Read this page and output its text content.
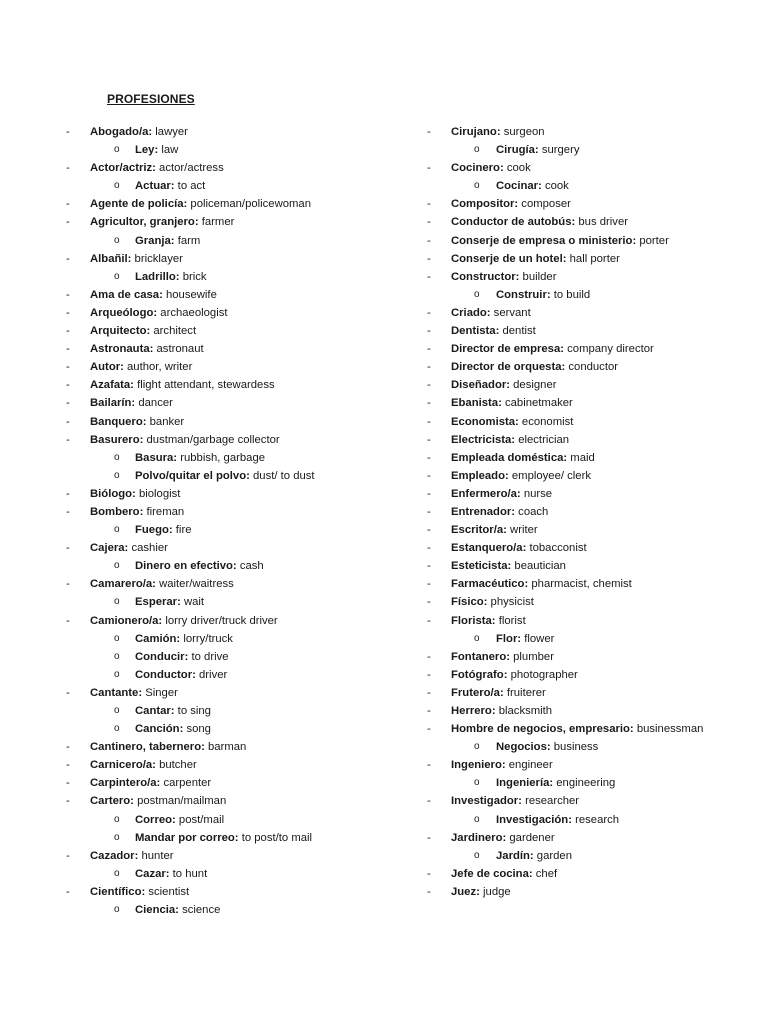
PROFESIONES
- Abogado/a: lawyer
o Ley: law
- Actor/actriz: actor/actress
o Actuar: to act
- Agente de policía: policeman/policewoman
- Agricultor, granjero: farmer
o Granja: farm
- Albañil: bricklayer
o Ladrillo: brick
- Ama de casa: housewife
- Arqueólogo: archaeologist
- Arquitecto: architect
- Astronauta: astronaut
- Autor: author, writer
- Azafata: flight attendant, stewardess
- Bailarín: dancer
- Banquero: banker
- Basurero: dustman/garbage collector
o Basura: rubbish, garbage
o Polvo/quitar el polvo: dust/ to dust
- Biólogo: biologist
- Bombero: fireman
o Fuego: fire
- Cajera: cashier
o Dinero en efectivo: cash
- Camarero/a: waiter/waitress
o Esperar: wait
- Camionero/a: lorry driver/truck driver
o Camión: lorry/truck
o Conducir: to drive
o Conductor: driver
- Cantante: Singer
o Cantar: to sing
o Canción: song
- Cantinero, tabernero: barman
- Carnicero/a: butcher
- Carpintero/a: carpenter
- Cartero: postman/mailman
o Correo: post/mail
o Mandar por correo: to post/to mail
- Cazador: hunter
o Cazar: to hunt
- Científico: scientist
o Ciencia: science
- Cirujano: surgeon
o Cirugía: surgery
- Cocinero: cook
o Cocinar: cook
- Compositor: composer
- Conductor de autobús: bus driver
- Conserje de empresa o ministerio: porter
- Conserje de un hotel: hall porter
- Constructor: builder
o Construir: to build
- Criado: servant
- Dentista: dentist
- Director de empresa: company director
- Director de orquesta: conductor
- Diseñador: designer
- Ebanista: cabinetmaker
- Economista: economist
- Electricista: electrician
- Empleada doméstica: maid
- Empleado: employee/ clerk
- Enfermero/a: nurse
- Entrenador: coach
- Escritor/a: writer
- Estanquero/a: tobacconist
- Esteticista: beautician
- Farmacéutico: pharmacist, chemist
- Físico: physicist
- Florista: florist
o Flor: flower
- Fontanero: plumber
- Fotógrafo: photographer
- Frutero/a: fruiterer
- Herrero: blacksmith
- Hombre de negocios, empresario: businessman
o Negocios: business
- Ingeniero: engineer
o Ingeniería: engineering
- Investigador: researcher
o Investigación: research
- Jardinero: gardener
o Jardín: garden
- Jefe de cocina: chef
- Juez: judge
